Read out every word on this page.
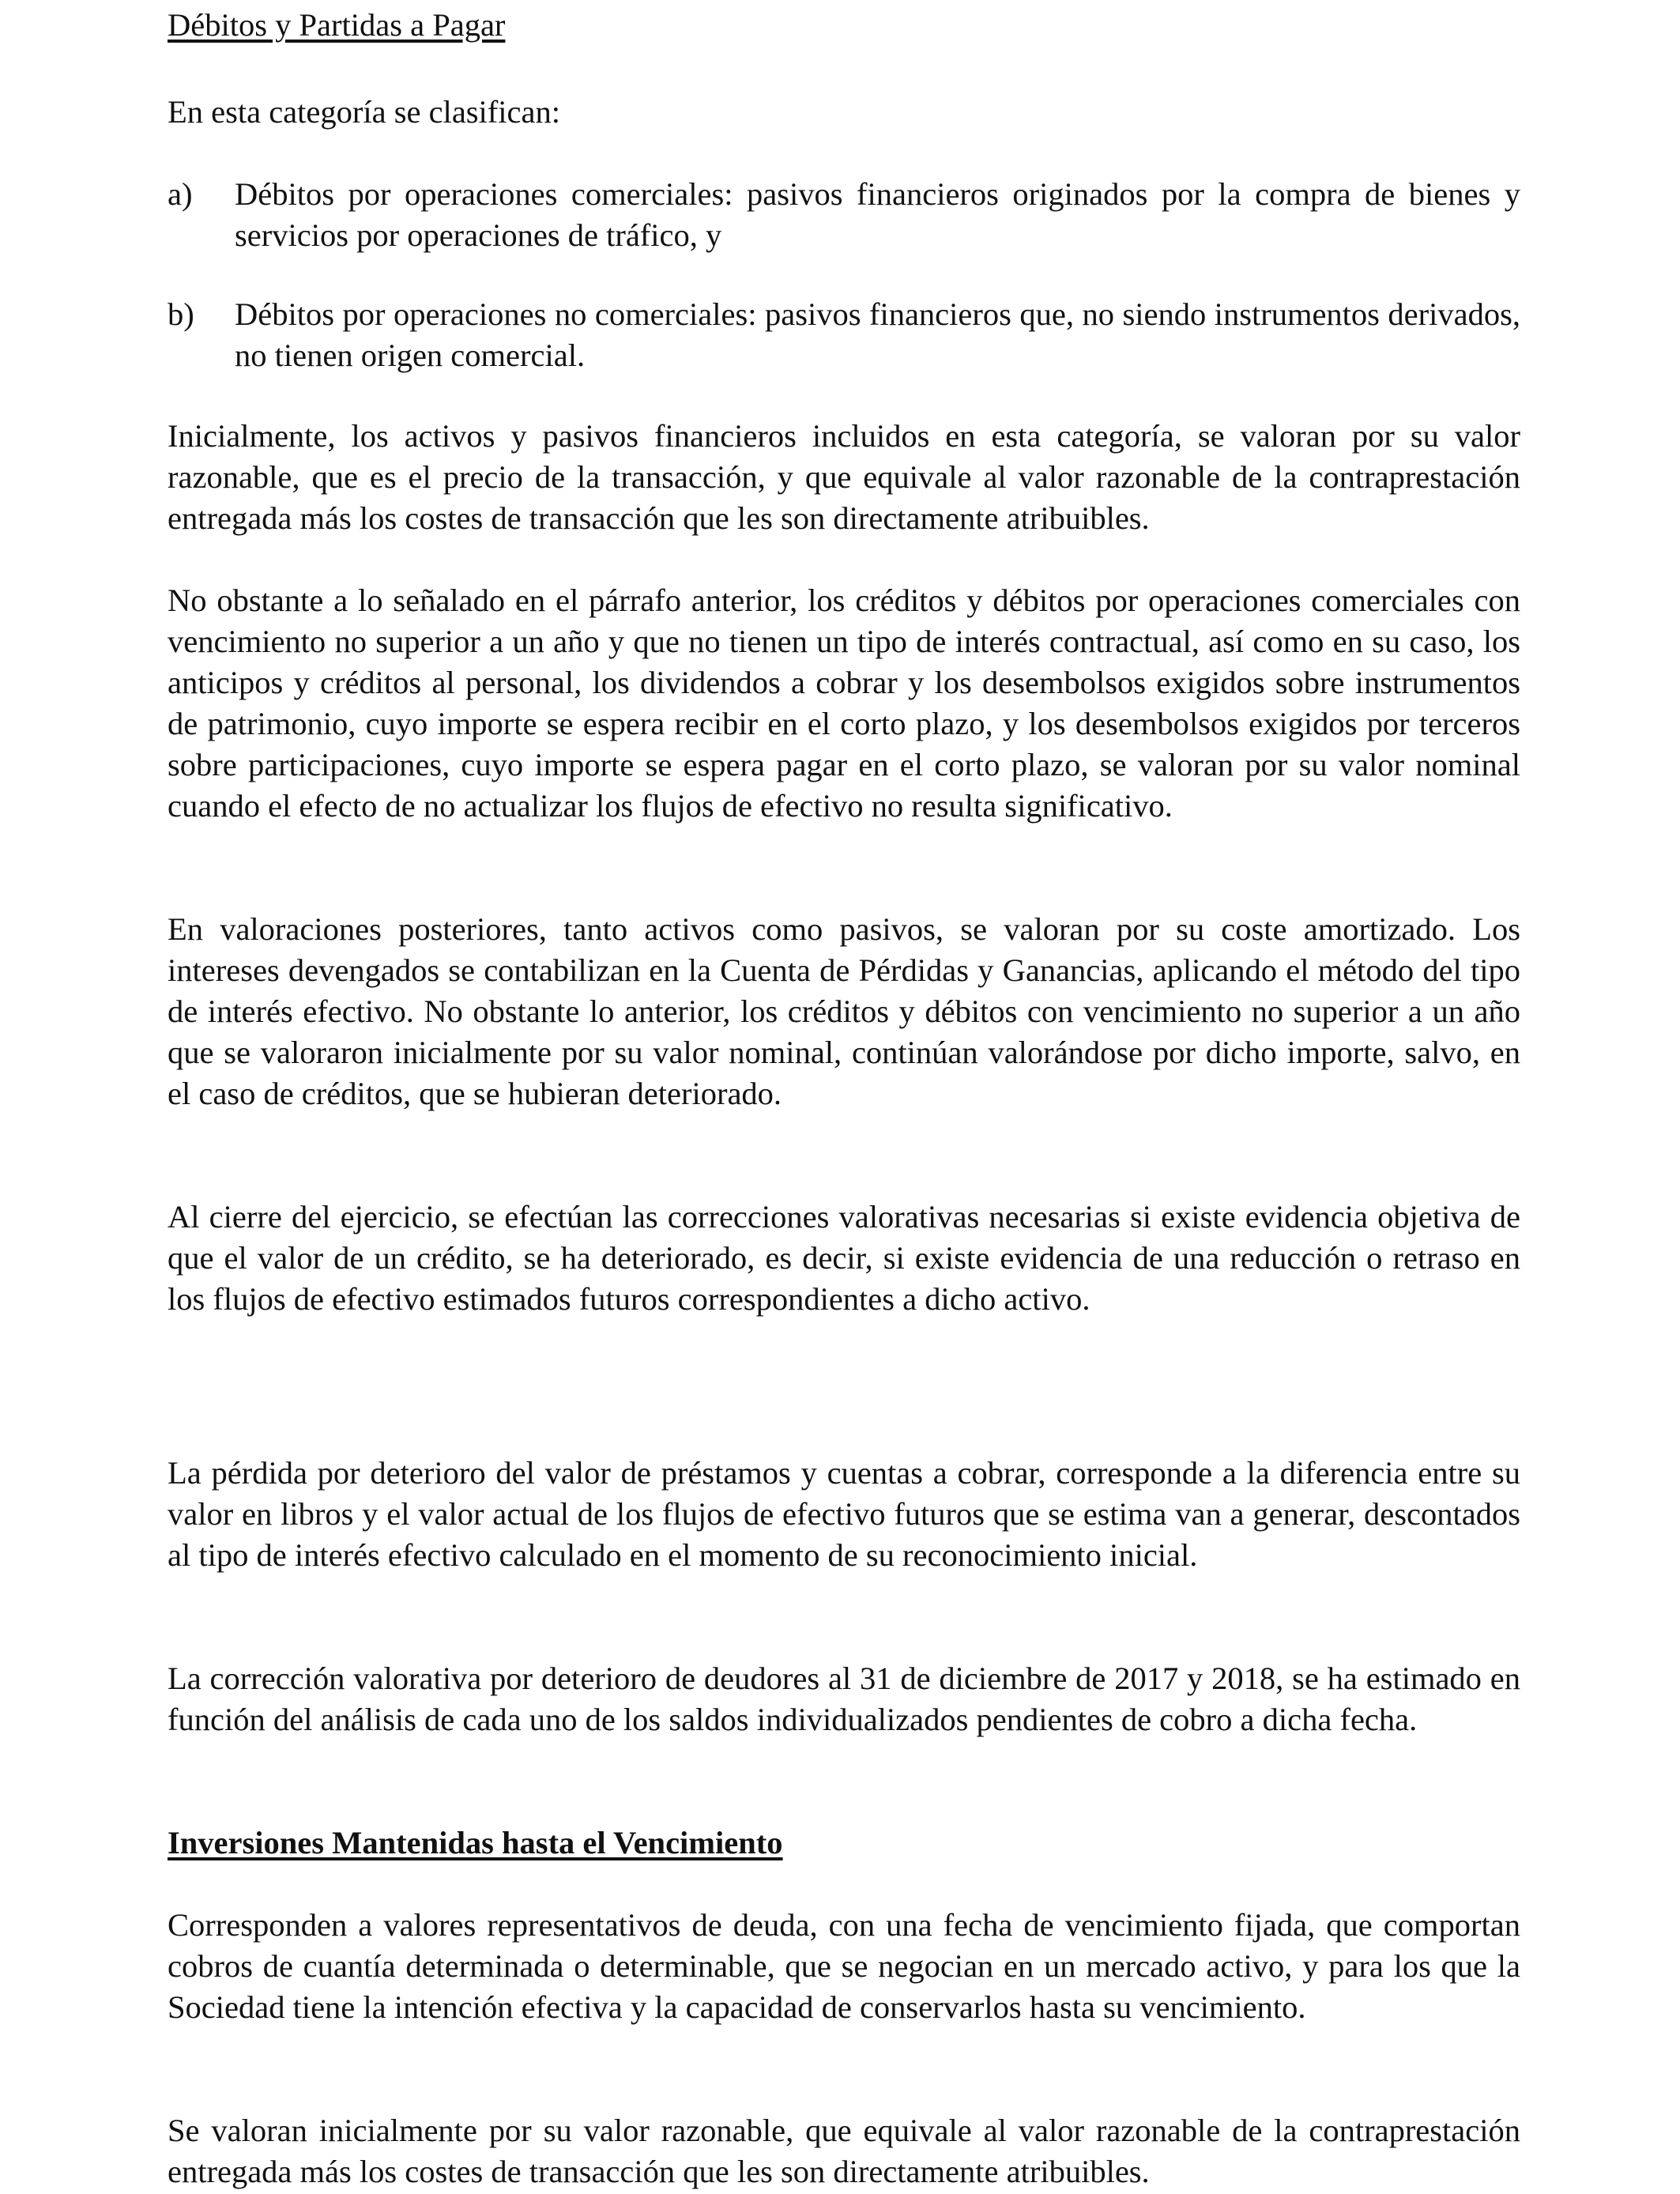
Débitos y Partidas a Pagar
En esta categoría se clasifican:
a)	Débitos por operaciones comerciales: pasivos financieros originados por la compra de bienes y servicios por operaciones de tráfico, y
b)	Débitos por operaciones no comerciales: pasivos financieros que, no siendo instrumentos derivados, no tienen origen comercial.

Inicialmente, los activos y pasivos financieros incluidos en esta categoría, se valoran por su valor razonable, que es el precio de la transacción, y que equivale al valor razonable de la contraprestación entregada más los costes de transacción que les son directamente atribuibles.

No obstante a lo señalado en el párrafo anterior, los créditos y débitos por operaciones comerciales con vencimiento no superior a un año y que no tienen un tipo de interés contractual, así como en su caso, los anticipos y créditos al personal, los dividendos a cobrar y los desembolsos exigidos sobre instrumentos de patrimonio, cuyo importe se espera recibir en el corto plazo, y los desembolsos exigidos por terceros sobre participaciones, cuyo importe se espera pagar en el corto plazo, se valoran por su valor nominal cuando el efecto de no actualizar los flujos de efectivo no resulta significativo.

En valoraciones posteriores, tanto activos como pasivos, se valoran por su coste amortizado. Los intereses devengados se contabilizan en la Cuenta de Pérdidas y Ganancias, aplicando el método del tipo de interés efectivo. No obstante lo anterior, los créditos y débitos con vencimiento no superior a un año que se valoraron inicialmente por su valor nominal, continúan valorándose por dicho importe, salvo, en el caso de créditos, que se hubieran deteriorado.

Al cierre del ejercicio, se efectúan las correcciones valorativas necesarias si existe evidencia objetiva de que el valor de un crédito, se ha deteriorado, es decir, si existe evidencia de una reducción o retraso en los flujos de efectivo estimados futuros correspondientes a dicho activo.

La pérdida por deterioro del valor de préstamos y cuentas a cobrar, corresponde a la diferencia entre su valor en libros y el valor actual de los flujos de efectivo futuros que se estima van a generar, descontados al tipo de interés efectivo calculado en el momento de su reconocimiento inicial.

La corrección valorativa por deterioro de deudores al 31 de diciembre de 2017 y 2018, se ha estimado en función del análisis de cada uno de los saldos individualizados pendientes de cobro a dicha fecha.

Inversiones Mantenidas hasta el Vencimiento

Corresponden a valores representativos de deuda, con una fecha de vencimiento fijada, que comportan cobros de cuantía determinada o determinable, que se negocian en un mercado activo, y para los que la Sociedad tiene la intención efectiva y la capacidad de conservarlos hasta su vencimiento.

Se valoran inicialmente por su valor razonable, que equivale al valor razonable de la contraprestación entregada más los costes de transacción que les son directamente atribuibles.
